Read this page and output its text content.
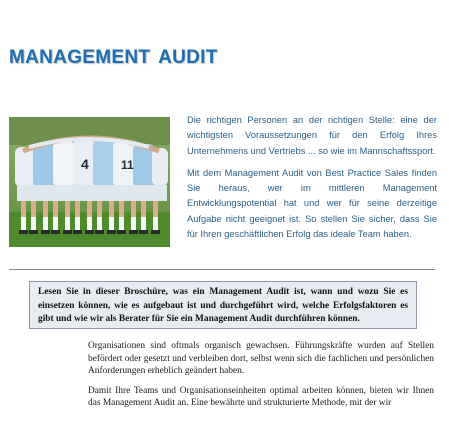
management audit
4	11

Die richtigen Personen an der richtigen Stelle: eine der wichtigsten Voraussetzungen für den Erfolg Ihres Unternehmens und Vertriebs ... so wie im Mannschaftssport.

Mit dem Management Audit von Best Practice Sales finden Sie heraus, wer im mittleren Management Entwicklungspotential hat und wer für seine derzeitige Aufgabe nicht geeignet ist. So stellen Sie sicher, dass Sie für Ihren geschäftlichen Erfolg das ideale Team haben.

Lesen Sie in dieser Broschüre, was ein Management Audit ist, wann und wozu Sie es einsetzen können, wie es aufgebaut ist und durchgeführt wird, welche Erfolgsfaktoren es gibt und wie wir als Berater für Sie ein Management Audit durchführen können.

Organisationen sind oftmals organisch gewachsen. Führungskräfte wurden auf Stellen befördert oder gesetzt und verbleiben dort, selbst wenn sich die fachlichen und persönlichen Anforderungen erheblich geändert haben.

Damit Ihre Teams und Organisationseinheiten optimal arbeiten können, bieten wir Ihnen das Management Audit an. Eine bewährte und strukturierte Methode, mit der wir
